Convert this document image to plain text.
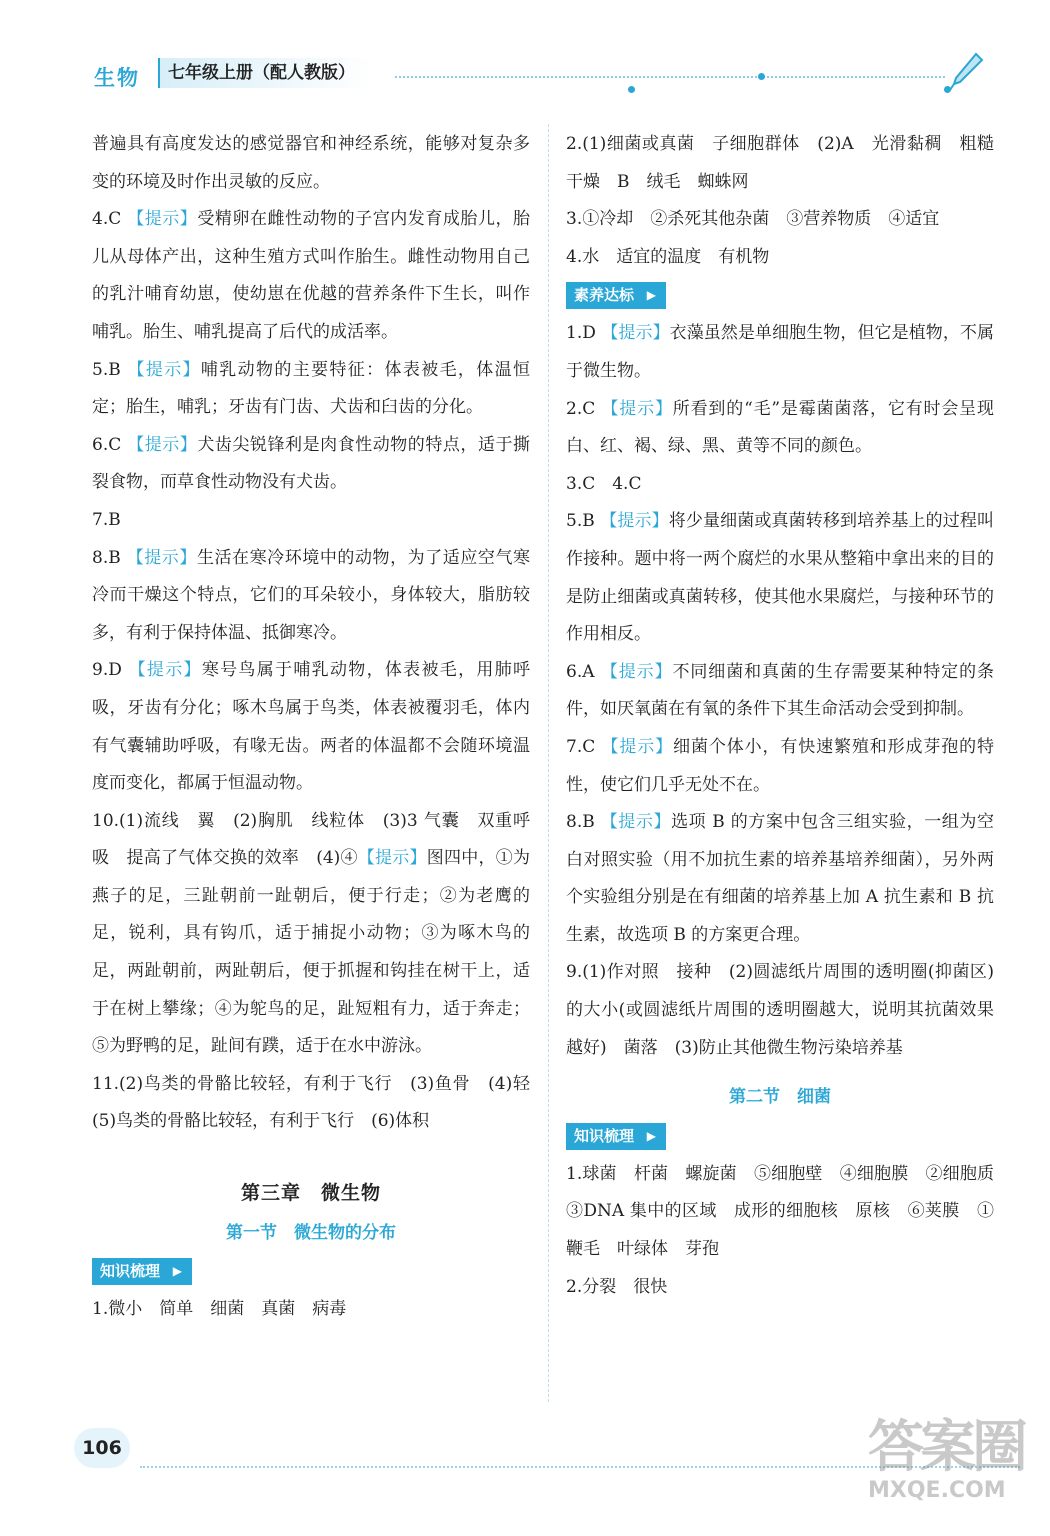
生物	七年级上册（配人教版）

普遍具有高度发达的感觉器官和神经系统，能够对复杂多变的环境及时作出灵敏的反应。

4.C 【提示】受精卵在雌性动物的子宫内发育成胎儿，胎儿从母体产出，这种生殖方式叫作胎生。雌性动物用自己的乳汁哺育幼崽，使幼崽在优越的营养条件下生长，叫作哺乳。胎生、哺乳提高了后代的成活率。

5.B 【提示】哺乳动物的主要特征：体表被毛，体温恒定；胎生，哺乳；牙齿有门齿、犬齿和臼齿的分化。

6.C 【提示】犬齿尖锐锋利是肉食性动物的特点，适于撕裂食物，而草食性动物没有犬齿。

7.B

8.B 【提示】生活在寒冷环境中的动物，为了适应空气寒冷而干燥这个特点，它们的耳朵较小，身体较大，脂肪较多，有利于保持体温、抵御寒冷。

9.D 【提示】寒号鸟属于哺乳动物，体表被毛，用肺呼吸，牙齿有分化；啄木鸟属于鸟类，体表被覆羽毛，体内有气囊辅助呼吸，有喙无齿。两者的体温都不会随环境温度而变化，都属于恒温动物。

10.(1)流线　翼　(2)胸肌　线粒体　(3)3 气囊　双重呼吸　提高了气体交换的效率　(4)④【提示】图四中，①为燕子的足，三趾朝前一趾朝后，便于行走；②为老鹰的足，锐利，具有钩爪，适于捕捉小动物；③为啄木鸟的足，两趾朝前，两趾朝后，便于抓握和钩挂在树干上，适于在树上攀缘；④为鸵鸟的足，趾短粗有力，适于奔走；⑤为野鸭的足，趾间有蹼，适于在水中游泳。

11.(2)鸟类的骨骼比较轻，有利于飞行　(3)鱼骨　(4)轻　(5)鸟类的骨骼比较轻，有利于飞行　(6)体积

第三章　微生物
第一节　微生物的分布
知识梳理 ▶

1.微小　简单　细菌　真菌　病毒

2.(1)细菌或真菌　子细胞群体　(2)A　光滑黏稠　粗糙干燥　B　绒毛　蜘蛛网

3.①冷却　②杀死其他杂菌　③营养物质　④适宜

4.水　适宜的温度　有机物

素养达标 ▶

1.D 【提示】衣藻虽然是单细胞生物，但它是植物，不属于微生物。

2.C 【提示】所看到的“毛”是霉菌菌落，它有时会呈现白、红、褐、绿、黑、黄等不同的颜色。

3.C　4.C

5.B 【提示】将少量细菌或真菌转移到培养基上的过程叫作接种。题中将一两个腐烂的水果从整箱中拿出来的目的是防止细菌或真菌转移，使其他水果腐烂，与接种环节的作用相反。

6.A 【提示】不同细菌和真菌的生存需要某种特定的条件，如厌氧菌在有氧的条件下其生命活动会受到抑制。

7.C 【提示】细菌个体小，有快速繁殖和形成芽孢的特性，使它们几乎无处不在。

8.B 【提示】选项 B 的方案中包含三组实验，一组为空白对照实验（用不加抗生素的培养基培养细菌），另外两个实验组分别是在有细菌的培养基上加 A 抗生素和 B 抗生素，故选项 B 的方案更合理。

9.(1)作对照　接种　(2)圆滤纸片周围的透明圈(抑菌区)的大小(或圆滤纸片周围的透明圈越大，说明其抗菌效果越好)　菌落　(3)防止其他微生物污染培养基

第二节　细菌
知识梳理 ▶

1.球菌　杆菌　螺旋菌　⑤细胞壁　④细胞膜　②细胞质　③DNA 集中的区域　成形的细胞核　原核　⑥荚膜　①鞭毛　叶绿体　芽孢

2.分裂　很快

106	答案圈
MXQE.COM
